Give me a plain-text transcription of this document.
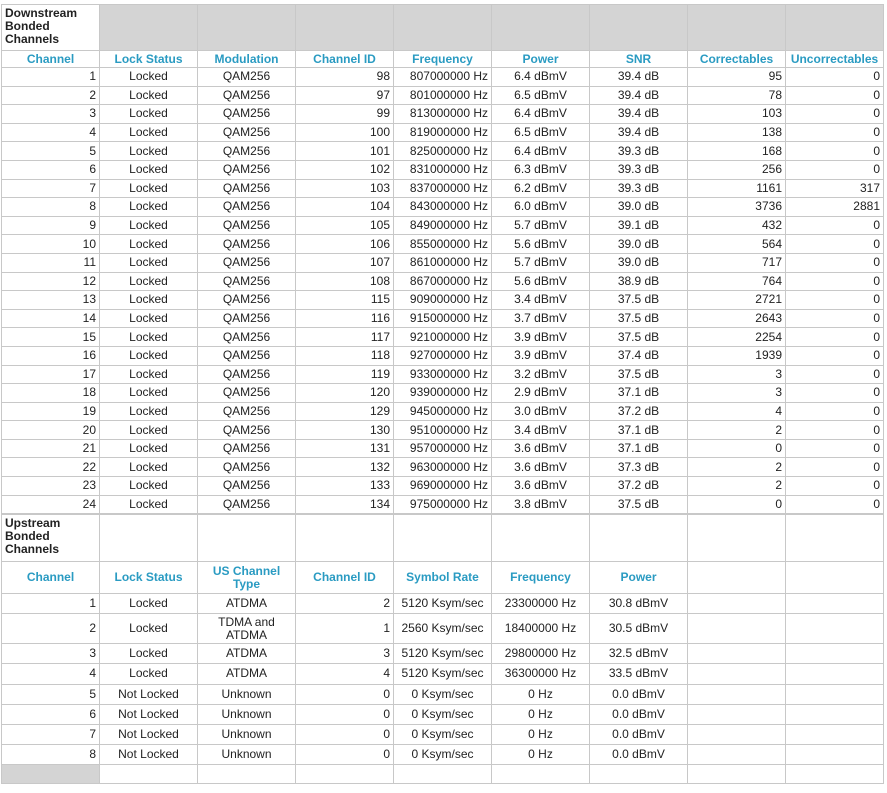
Downstream Bonded Channels								
Channel	Lock Status	Modulation	Channel ID	Frequency	Power	SNR	Correctables	Uncorrectables
1	Locked	QAM256	98	807000000 Hz	6.4 dBmV	39.4 dB	95	0
2	Locked	QAM256	97	801000000 Hz	6.5 dBmV	39.4 dB	78	0
3	Locked	QAM256	99	813000000 Hz	6.4 dBmV	39.4 dB	103	0
4	Locked	QAM256	100	819000000 Hz	6.5 dBmV	39.4 dB	138	0
5	Locked	QAM256	101	825000000 Hz	6.4 dBmV	39.3 dB	168	0
6	Locked	QAM256	102	831000000 Hz	6.3 dBmV	39.3 dB	256	0
7	Locked	QAM256	103	837000000 Hz	6.2 dBmV	39.3 dB	1161	317
8	Locked	QAM256	104	843000000 Hz	6.0 dBmV	39.0 dB	3736	2881
9	Locked	QAM256	105	849000000 Hz	5.7 dBmV	39.1 dB	432	0
10	Locked	QAM256	106	855000000 Hz	5.6 dBmV	39.0 dB	564	0
11	Locked	QAM256	107	861000000 Hz	5.7 dBmV	39.0 dB	717	0
12	Locked	QAM256	108	867000000 Hz	5.6 dBmV	38.9 dB	764	0
13	Locked	QAM256	115	909000000 Hz	3.4 dBmV	37.5 dB	2721	0
14	Locked	QAM256	116	915000000 Hz	3.7 dBmV	37.5 dB	2643	0
15	Locked	QAM256	117	921000000 Hz	3.9 dBmV	37.5 dB	2254	0
16	Locked	QAM256	118	927000000 Hz	3.9 dBmV	37.4 dB	1939	0
17	Locked	QAM256	119	933000000 Hz	3.2 dBmV	37.5 dB	3	0
18	Locked	QAM256	120	939000000 Hz	2.9 dBmV	37.1 dB	3	0
19	Locked	QAM256	129	945000000 Hz	3.0 dBmV	37.2 dB	4	0
20	Locked	QAM256	130	951000000 Hz	3.4 dBmV	37.1 dB	2	0
21	Locked	QAM256	131	957000000 Hz	3.6 dBmV	37.1 dB	0	0
22	Locked	QAM256	132	963000000 Hz	3.6 dBmV	37.3 dB	2	0
23	Locked	QAM256	133	969000000 Hz	3.6 dBmV	37.2 dB	2	0
24	Locked	QAM256	134	975000000 Hz	3.8 dBmV	37.5 dB	0	0
Upstream Bonded Channels								
Channel	Lock Status	US Channel Type	Channel ID	Symbol Rate	Frequency	Power		
1	Locked	ATDMA	2	5120 Ksym/sec	23300000 Hz	30.8 dBmV		
2	Locked	TDMA and ATDMA	1	2560 Ksym/sec	18400000 Hz	30.5 dBmV		
3	Locked	ATDMA	3	5120 Ksym/sec	29800000 Hz	32.5 dBmV		
4	Locked	ATDMA	4	5120 Ksym/sec	36300000 Hz	33.5 dBmV		
5	Not Locked	Unknown	0	0 Ksym/sec	0 Hz	0.0 dBmV		
6	Not Locked	Unknown	0	0 Ksym/sec	0 Hz	0.0 dBmV		
7	Not Locked	Unknown	0	0 Ksym/sec	0 Hz	0.0 dBmV		
8	Not Locked	Unknown	0	0 Ksym/sec	0 Hz	0.0 dBmV		
